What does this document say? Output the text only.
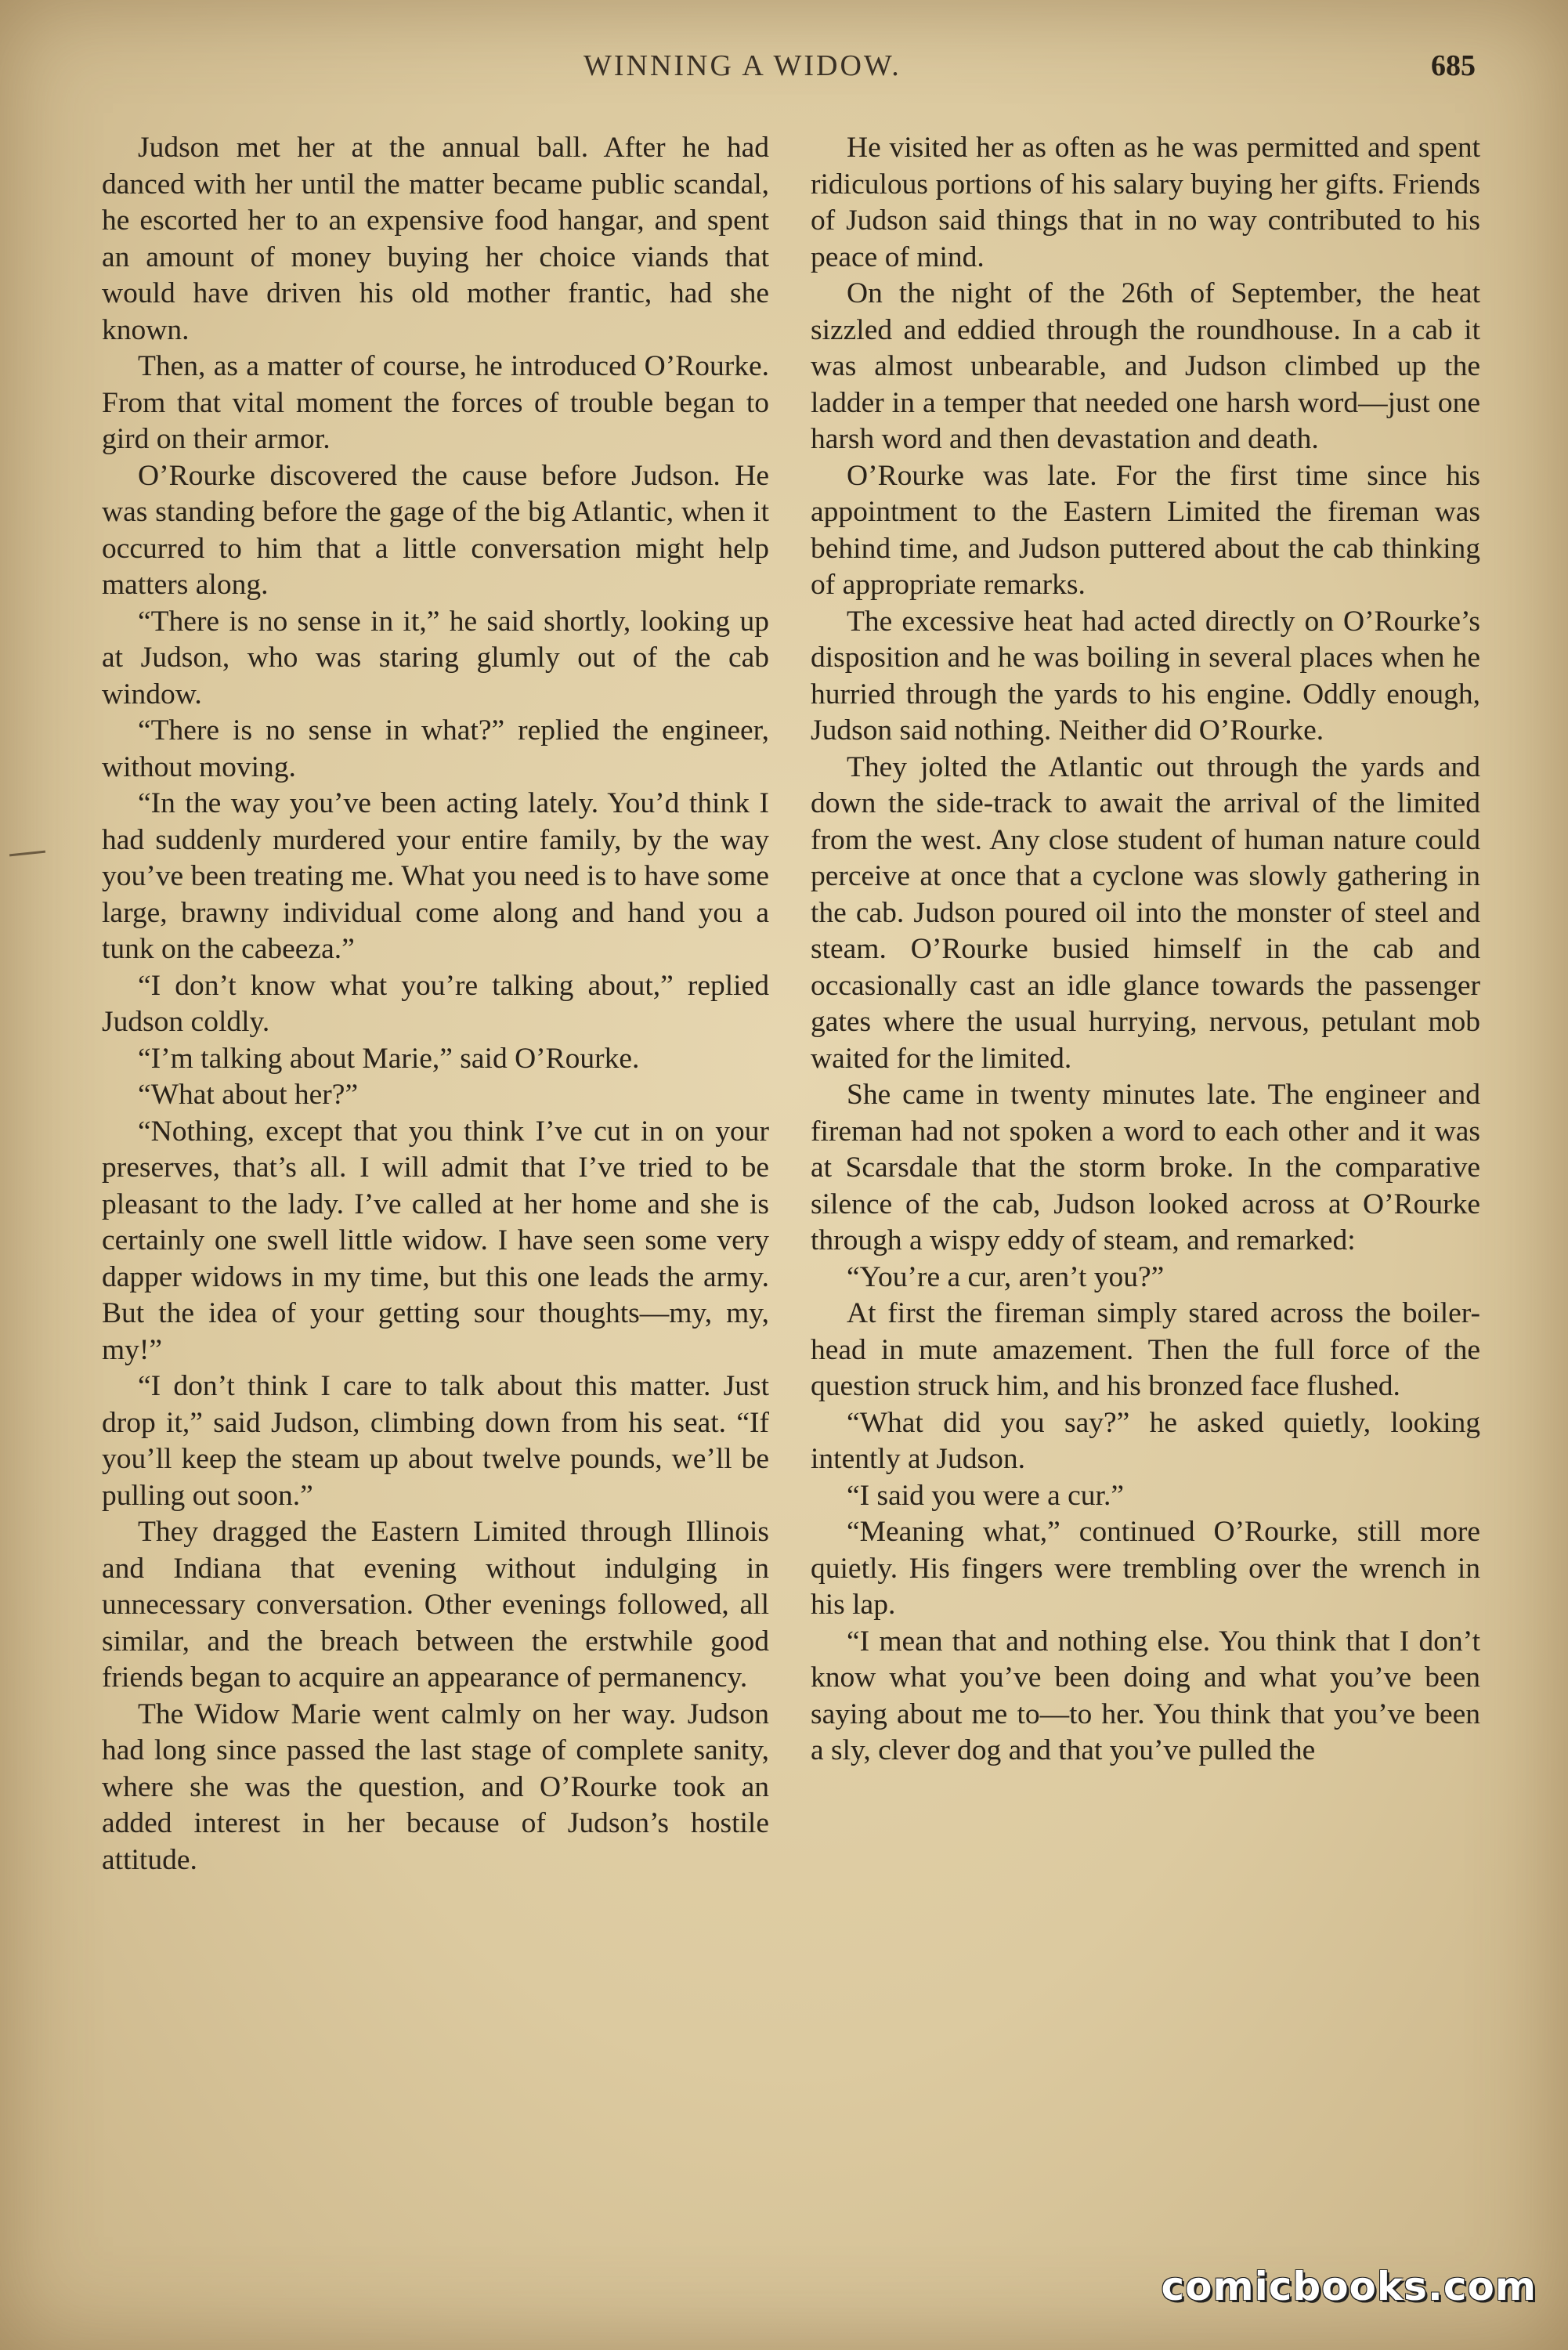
WINNING A WIDOW.	685

Judson met her at the annual ball. After he had danced with her until the matter became public scandal, he escorted her to an expensive food hangar, and spent an amount of money buying her choice viands that would have driven his old mother frantic, had she known.

Then, as a matter of course, he introduced O’Rourke. From that vital moment the forces of trouble began to gird on their armor.

O’Rourke discovered the cause before Judson. He was standing before the gage of the big Atlantic, when it occurred to him that a little conversation might help matters along.

“There is no sense in it,” he said shortly, looking up at Judson, who was staring glumly out of the cab window.

“There is no sense in what?” replied the engineer, without moving.

“In the way you’ve been acting lately. You’d think I had suddenly murdered your entire family, by the way you’ve been treating me. What you need is to have some large, brawny individual come along and hand you a tunk on the cabeeza.”

“I don’t know what you’re talking about,” replied Judson coldly.

“I’m talking about Marie,” said O’Rourke.

“What about her?”

“Nothing, except that you think I’ve cut in on your preserves, that’s all. I will admit that I’ve tried to be pleasant to the lady. I’ve called at her home and she is certainly one swell little widow. I have seen some very dapper widows in my time, but this one leads the army. But the idea of your getting sour thoughts—my, my, my!”

“I don’t think I care to talk about this matter. Just drop it,” said Judson, climbing down from his seat. “If you’ll keep the steam up about twelve pounds, we’ll be pulling out soon.”

They dragged the Eastern Limited through Illinois and Indiana that evening without indulging in unnecessary conversation. Other evenings followed, all similar, and the breach between the erstwhile good friends began to acquire an appearance of permanency.

The Widow Marie went calmly on her way. Judson had long since passed the last stage of complete sanity, where she was the question, and O’Rourke took an added interest in her because of Judson’s hostile attitude.

He visited her as often as he was permitted and spent ridiculous portions of his salary buying her gifts. Friends of Judson said things that in no way contributed to his peace of mind.

On the night of the 26th of September, the heat sizzled and eddied through the roundhouse. In a cab it was almost unbearable, and Judson climbed up the ladder in a temper that needed one harsh word—just one harsh word and then devastation and death.

O’Rourke was late. For the first time since his appointment to the Eastern Limited the fireman was behind time, and Judson puttered about the cab thinking of appropriate remarks.

The excessive heat had acted directly on O’Rourke’s disposition and he was boiling in several places when he hurried through the yards to his engine. Oddly enough, Judson said nothing. Neither did O’Rourke.

They jolted the Atlantic out through the yards and down the side-track to await the arrival of the limited from the west. Any close student of human nature could perceive at once that a cyclone was slowly gathering in the cab. Judson poured oil into the monster of steel and steam. O’Rourke busied himself in the cab and occasionally cast an idle glance towards the passenger gates where the usual hurrying, nervous, petulant mob waited for the limited.

She came in twenty minutes late. The engineer and fireman had not spoken a word to each other and it was at Scarsdale that the storm broke. In the comparative silence of the cab, Judson looked across at O’Rourke through a wispy eddy of steam, and remarked:

“You’re a cur, aren’t you?”

At first the fireman simply stared across the boiler-head in mute amazement. Then the full force of the question struck him, and his bronzed face flushed.

“What did you say?” he asked quietly, looking intently at Judson.

“I said you were a cur.”

“Meaning what,” continued O’Rourke, still more quietly. His fingers were trembling over the wrench in his lap.

“I mean that and nothing else. You think that I don’t know what you’ve been doing and what you’ve been saying about me to—to her. You think that you’ve been a sly, clever dog and that you’ve pulled the

comicbooks.com
